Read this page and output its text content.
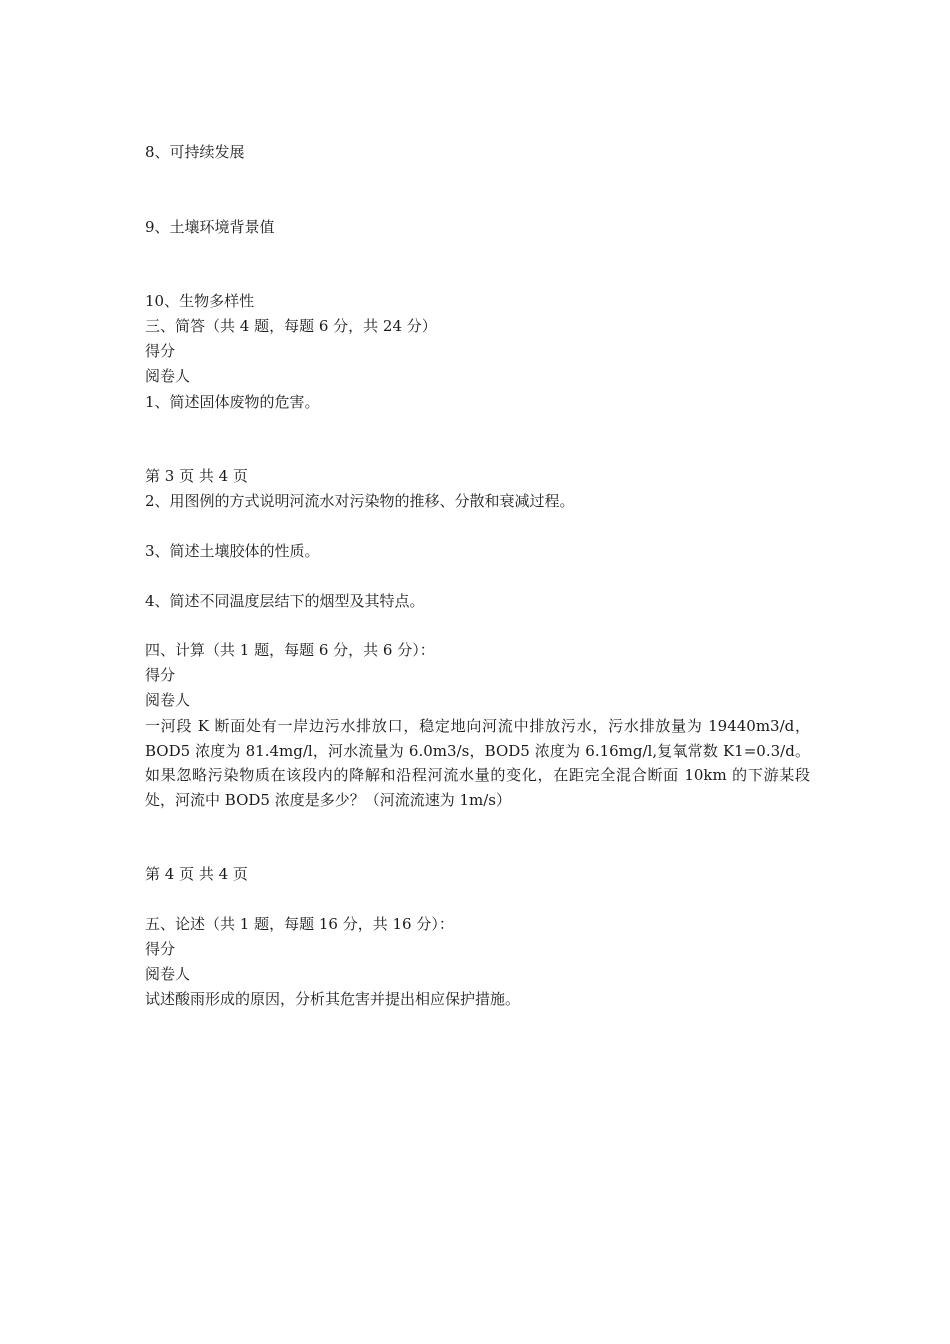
8、可持续发展
9、土壤环境背景值
10、生物多样性
三、简答（共 4 题，每题 6 分，共 24 分）
得分
阅卷人
1、简述固体废物的危害。
第 3 页 共 4 页
2、用图例的方式说明河流水对污染物的推移、分散和衰减过程。
3、简述土壤胶体的性质。
4、简述不同温度层结下的烟型及其特点。
四、计算（共 1 题，每题 6 分，共 6 分）：
得分
阅卷人
一河段 K 断面处有一岸边污水排放口，稳定地向河流中排放污水，污水排放量为 19440m3/d，BOD5 浓度为 81.4mg/l，河水流量为 6.0m3/s，BOD5 浓度为 6.16mg/l,复氧常数 K1=0.3/d。如果忽略污染物质在该段内的降解和沿程河流水量的变化，在距完全混合断面 10km 的下游某段处，河流中 BOD5 浓度是多少？（河流流速为 1m/s）
第 4 页 共 4 页
五、论述（共 1 题，每题 16 分，共 16 分）：
得分
阅卷人
试述酸雨形成的原因，分析其危害并提出相应保护措施。
